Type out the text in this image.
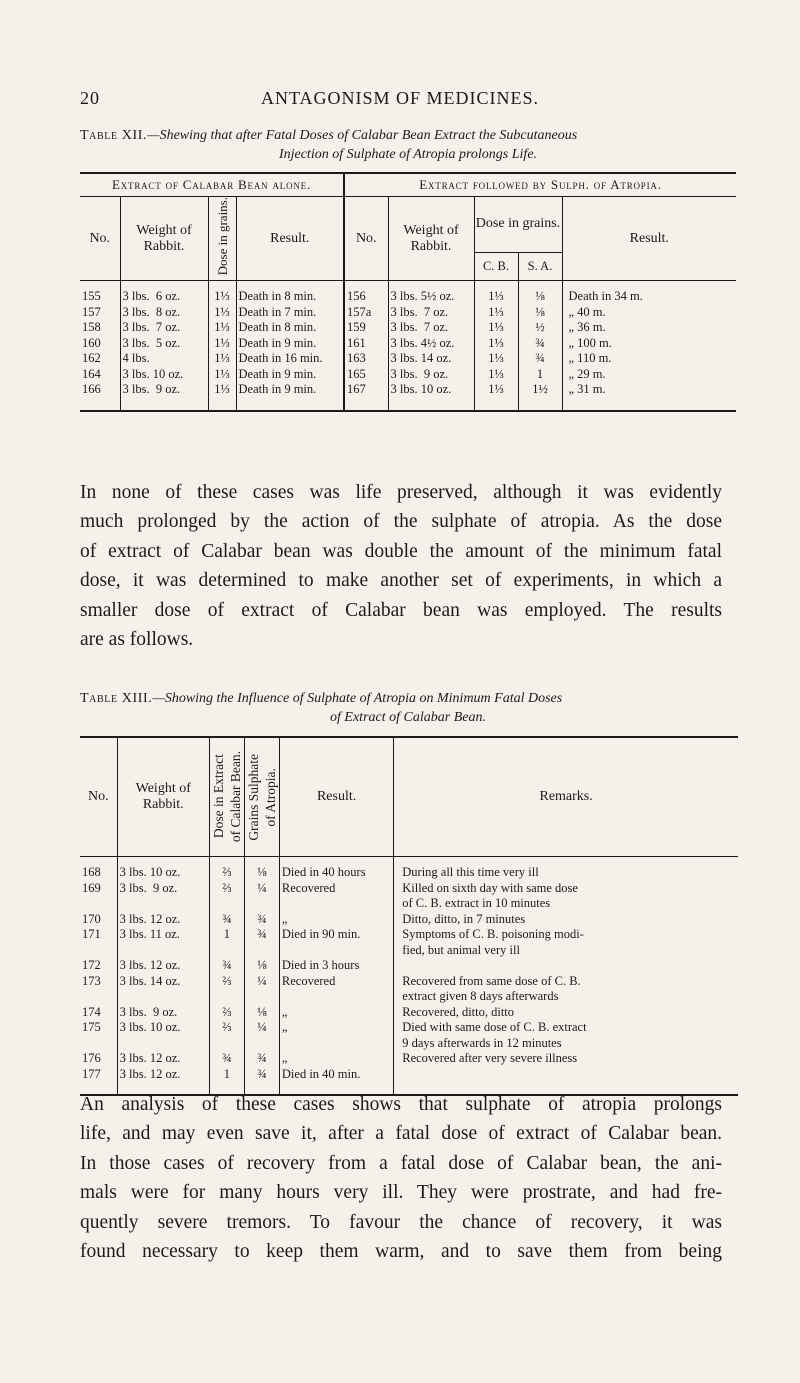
20	ANTAGONISM OF MEDICINES.
Table XII.—Shewing that after Fatal Doses of Calabar Bean Extract the Subcutaneous
Injection of Sulphate of Atropia prolongs Life.
Extract of Calabar Bean alone.				Extract followed by Sulph. of Atropia.				
No.	Weight of Rabbit.	Dose in grains.	Result.	No.	Weight of Rabbit.	Dose in grains.		Result.
						C. B.	S. A.	
155	3 lbs.  6 oz.	1⅓	Death in 8 min.	156	3 lbs. 5½ oz.	1⅓	⅛	Death in 34 m.
157	3 lbs.  8 oz.	1⅓	Death in 7 min.	157a	3 lbs.  7 oz.	1⅓	⅛	„ 40 m.
158	3 lbs.  7 oz.	1⅓	Death in 8 min.	159	3 lbs.  7 oz.	1⅓	½	„ 36 m.
160	3 lbs.  5 oz.	1⅓	Death in 9 min.	161	3 lbs. 4½ oz.	1⅓	¾	„ 100 m.
162	4 lbs.	1⅓	Death in 16 min.	163	3 lbs. 14 oz.	1⅓	¾	„ 110 m.
164	3 lbs. 10 oz.	1⅓	Death in 9 min.	165	3 lbs.  9 oz.	1⅓	1	„ 29 m.
166	3 lbs.  9 oz.	1⅓	Death in 9 min.	167	3 lbs. 10 oz.	1⅓	1½	„ 31 m.
In none of these cases was life preserved, although it was evidently
much prolonged by the action of the sulphate of atropia. As the dose
of extract of Calabar bean was double the amount of the minimum fatal
dose, it was determined to make another set of experiments, in which a
smaller dose of extract of Calabar bean was employed. The results
are as follows.
Table XIII.—Showing the Influence of Sulphate of Atropia on Minimum Fatal Doses
of Extract of Calabar Bean.
No.	Weight of Rabbit.	Dose in Extract of Calabar Bean.	Grains Sulphate of Atropia.	Result.	Remarks.
168	3 lbs. 10 oz.	⅔	⅛	Died in 40 hours	During all this time very ill

169	3 lbs.  9 oz.	⅔	¼	Recovered	Killed on sixth day with same dose
of C. B. extract in 10 minutes

170	3 lbs. 12 oz.	¾	¾	„	Ditto, ditto, in 7 minutes

171	3 lbs. 11 oz.	1	¾	Died in 90 min.	Symptoms of C. B. poisoning modi-
fied, but animal very ill

172	3 lbs. 12 oz.	¾	⅛	Died in 3 hours	

173	3 lbs. 14 oz.	⅔	¼	Recovered	Recovered from same dose of C. B.
extract given 8 days afterwards

174	3 lbs.  9 oz.	⅔	⅛	„	Recovered, ditto, ditto

175	3 lbs. 10 oz.	⅔	¼	„	Died with same dose of C. B. extract
9 days afterwards in 12 minutes

176	3 lbs. 12 oz.	¾	¾	„	Recovered after very severe illness

177	3 lbs. 12 oz.	1	¾	Died in 40 min.	
An analysis of these cases shows that sulphate of atropia prolongs
life, and may even save it, after a fatal dose of extract of Calabar bean.
In those cases of recovery from a fatal dose of Calabar bean, the ani-
mals were for many hours very ill. They were prostrate, and had fre-
quently severe tremors. To favour the chance of recovery, it was
found necessary to keep them warm, and to save them from being
